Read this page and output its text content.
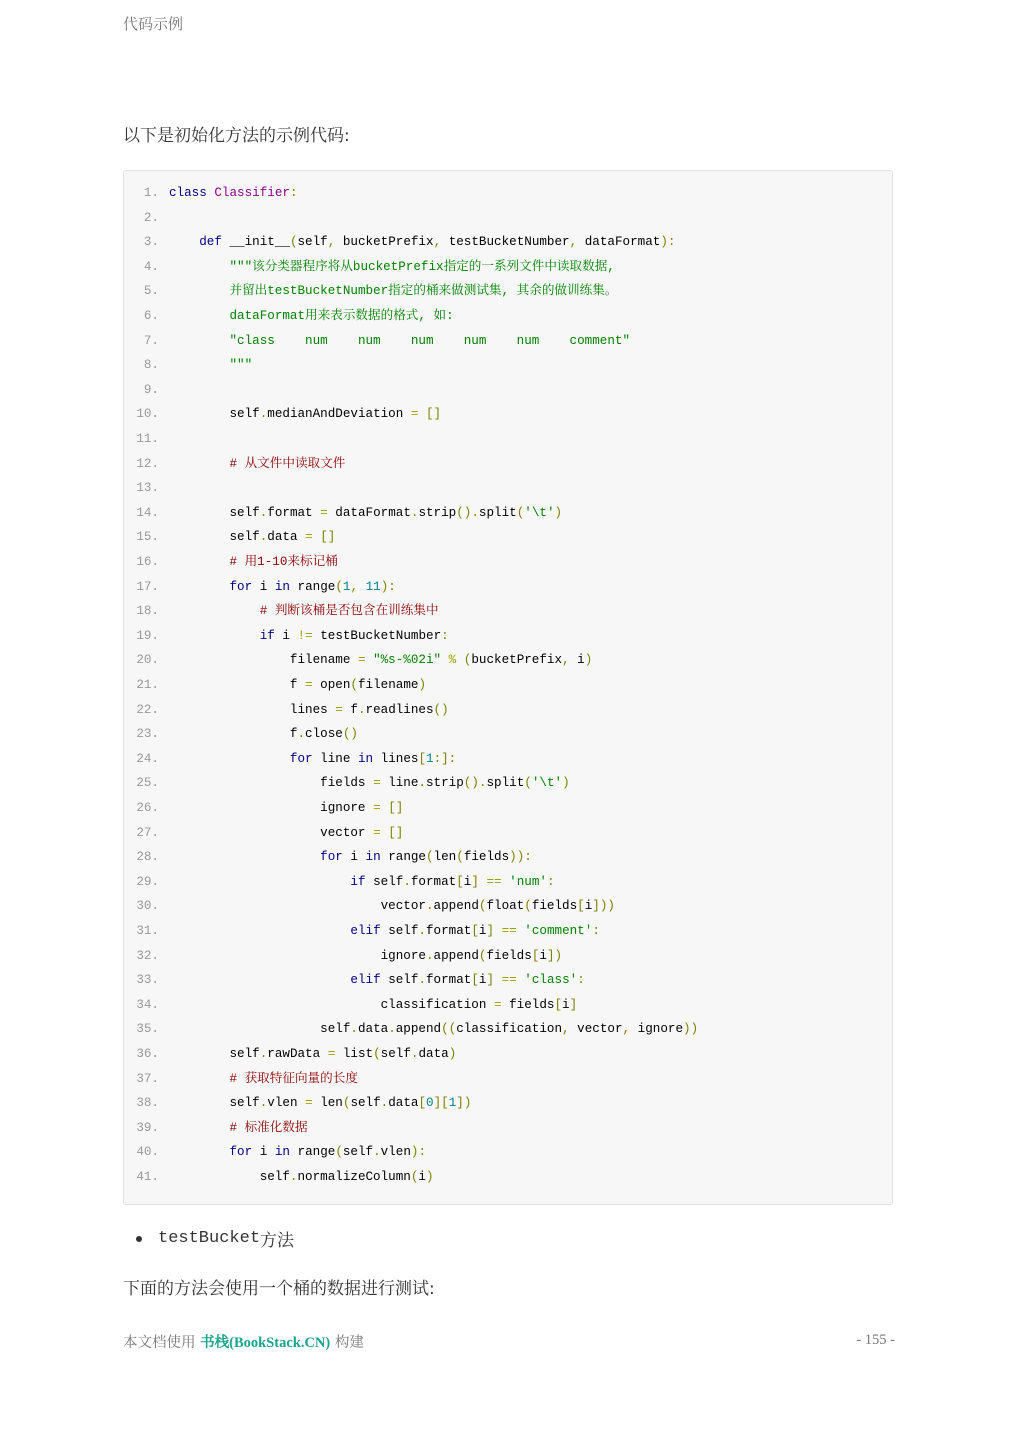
代码示例
以下是初始化方法的示例代码:
1. class Classifier:
2.
3.	def __init__(self, bucketPrefix, testBucketNumber, dataFormat):
4.	"""该分类器程序将从bucketPrefix指定的一系列文件中读取数据,
5.	并留出testBucketNumber指定的桶来做测试集, 其余的做训练集。
6.	dataFormat用来表示数据的格式, 如:
7.	"class    num    num    num    num    num    comment"
8.	"""
9.
10.        self.medianAndDeviation = []
11.
12.	# 从文件中读取文件
13.
14.        self.format = dataFormat.strip().split('\t')
15.        self.data = []
16.	# 用1-10来标记桶
17.	for i in range(1, 11):
18.	# 判断该桶是否包含在训练集中
19.	if i != testBucketNumber:
20.                filename = "%s-%02i" % (bucketPrefix, i)
21.                f = open(filename)
22.                lines = f.readlines()
23.                f.close()
24.	for line in lines[1:]:
25.                    fields = line.strip().split('\t')
26.                    ignore = []
27.                    vector = []
28.	for i in range(len(fields)):
29.	if self.format[i] == 'num':
30.                            vector.append(float(fields[i]))
31.	elif self.format[i] == 'comment':
32.                            ignore.append(fields[i])
33.	elif self.format[i] == 'class':
34.                            classification = fields[i]
35.                    self.data.append((classification, vector, ignore))
36.        self.rawData = list(self.data)
37.	# 获取特征向量的长度
38.        self.vlen = len(self.data[0][1])
39.	# 标准化数据
40.	for i in range(self.vlen):
41.            self.normalizeColumn(i)
testBucket 方法
下面的方法会使用一个桶的数据进行测试:
本文档使用 书栈(BookStack.CN) 构建	- 155 -
